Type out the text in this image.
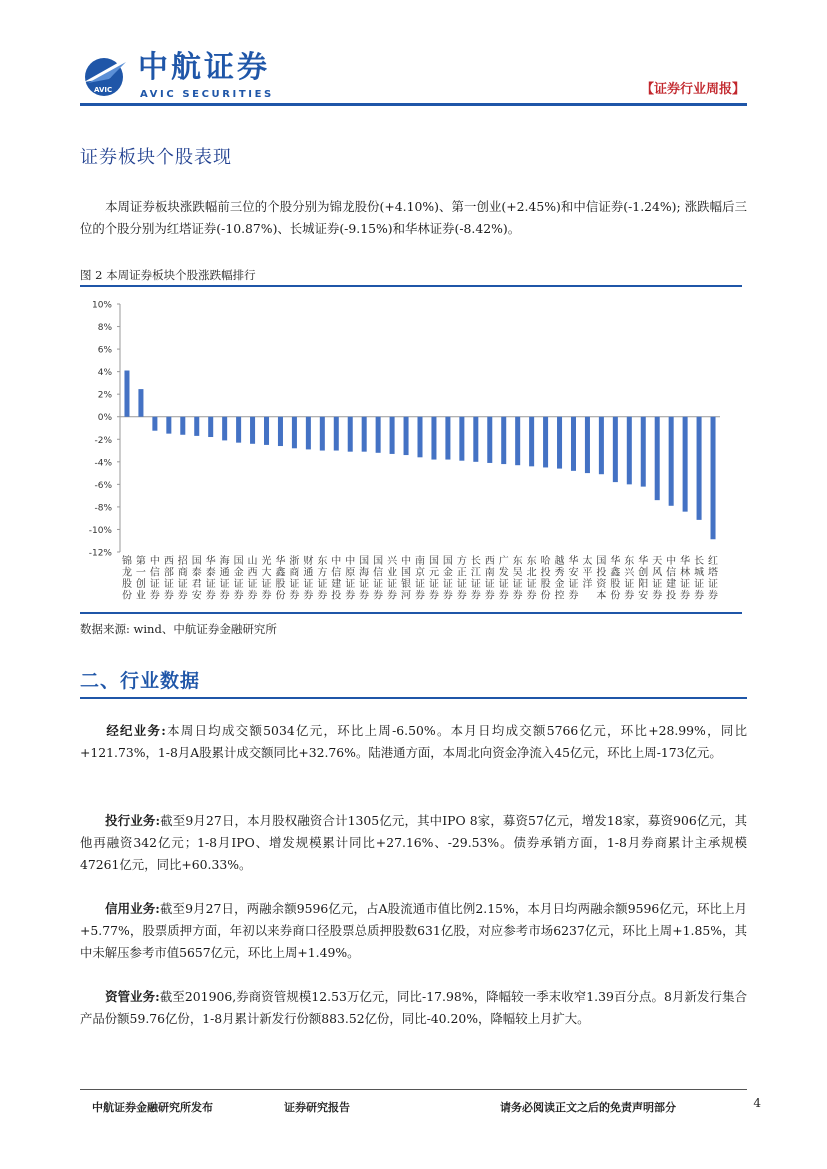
AVIC
中航证券
AVIC SECURITIES	【证券行业周报】
证券板块个股表现
本周证券板块涨跌幅前三位的个股分别为锦龙股份(+4.10%)、第一创业(+2.45%)和中信证券(-1.24%); 涨跌幅后三位的个股分别为红塔证券(-10.87%)、长城证券(-9.15%)和华林证券(-8.42%)。
图 2 本周证券板块个股涨跌幅排行
10%
8%
6%
4%
2%
0%
-2%
-4%
-6%
-8%
-10%
-12%
锦龙股份
第一创业
中信证券
西部证券
招商证券
国泰君安
华泰证券
海通证券
国金证券
山西证券
光大证券
华鑫股份
浙商证券
财通证券
东方证券
中信建投
中原证券
国海证券
国信证券
兴业证券
中国银河
南京证券
国元证券
国金证券
方正证券
长江证券
西南证券
广发证券
东吴证券
东北证券
哈投股份
越秀金控
华安证券
太平洋
国投资本
华鑫股份
东兴证券
华创阳安
天风证券
中信建投
华林证券
长城证券
红塔证券
数据来源: wind、中航证券金融研究所
二、行业数据
经纪业务:本周日均成交额5034亿元，环比上周-6.50%。本月日均成交额5766亿元，环比+28.99%，同比+121.73%，1-8月A股累计成交额同比+32.76%。陆港通方面，本周北向资金净流入45亿元，环比上周-173亿元。
投行业务:截至9月27日，本月股权融资合计1305亿元，其中IPO 8家，募资57亿元，增发18家，募资906亿元，其他再融资342亿元；1-8月IPO、增发规模累计同比+27.16%、-29.53%。债券承销方面，1-8月券商累计主承规模47261亿元，同比+60.33%。
信用业务:截至9月27日，两融余额9596亿元，占A股流通市值比例2.15%，本月日均两融余额9596亿元，环比上月+5.77%，股票质押方面，年初以来券商口径股票总质押股数631亿股，对应参考市场6237亿元，环比上周+1.85%，其中未解压参考市值5657亿元，环比上周+1.49%。
资管业务:截至201906,券商资管规模12.53万亿元，同比-17.98%，降幅较一季末收窄1.39百分点。8月新发行集合产品份额59.76亿份，1-8月累计新发行份额883.52亿份，同比-40.20%，降幅较上月扩大。
中航证券金融研究所发布	证券研究报告	请务必阅读正文之后的免责声明部分	4
